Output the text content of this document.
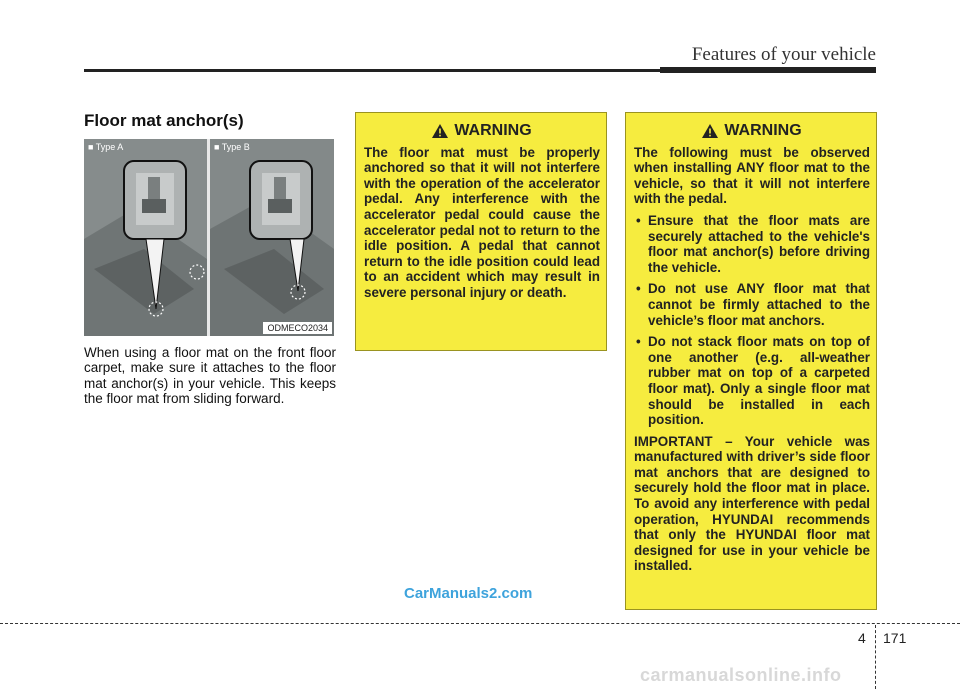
Features of your vehicle
Floor mat anchor(s)
■ Type A	■ Type B
ODMECO2034

When using a floor mat on the front floor carpet, make sure it attaches to the floor mat anchor(s) in your vehicle. This keeps the floor mat from sliding forward.

WARNING

The floor mat must be properly anchored so that it will not interfere with the operation of the accelerator pedal. Any interference with the accelerator pedal could cause the accelerator pedal not to return to the idle position. A pedal that cannot return to the idle position could lead to an accident which may result in severe personal injury or death.

WARNING

The following must be observed when installing ANY floor mat to the vehicle, so that it will not interfere with the pedal.

• Ensure that the floor mats are securely attached to the vehicle's floor mat anchor(s) before driving the vehicle.
• Do not use ANY floor mat that cannot be firmly attached to the vehicle’s floor mat anchors.
• Do not stack floor mats on top of one another (e.g. all-weather rubber mat on top of a carpeted floor mat). Only a single floor mat should be installed in each position.

IMPORTANT – Your vehicle was manufactured with driver’s side floor mat anchors that are designed to securely hold the floor mat in place. To avoid any interference with pedal operation, HYUNDAI recommends that only the HYUNDAI floor mat designed for use in your vehicle be installed.

CarManuals2.com
4 171
carmanualsonline.info
